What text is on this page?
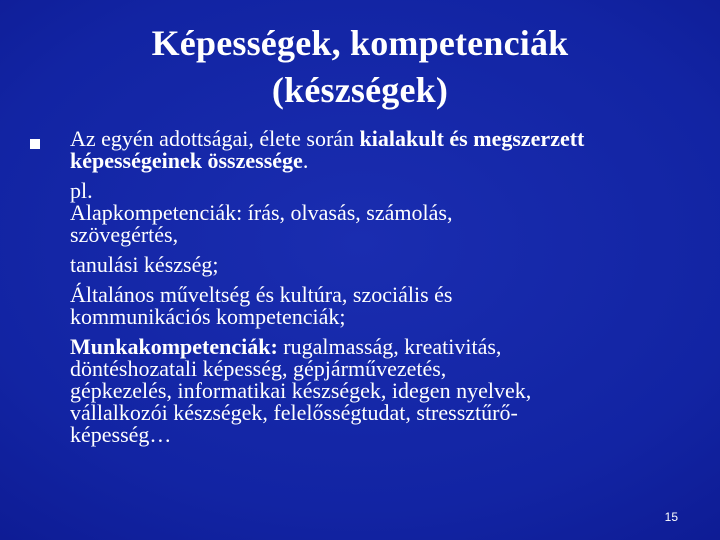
Képességek, kompetenciák
(készségek)
Az egyén adottságai, élete során kialakult és megszerzett képességeinek összessége.
pl.
Alapkompetenciák: írás, olvasás, számolás,
szövegértés,
tanulási készség;
Általános műveltség és kultúra, szociális és
kommunikációs kompetenciák;
Munkakompetenciák: rugalmasság, kreativitás,
döntéshozatali képesség, gépjárművezetés,
gépkezelés, informatikai készségek, idegen nyelvek,
vállalkozói készségek, felelősségtudat, stressztűrő-
képesség…
15
